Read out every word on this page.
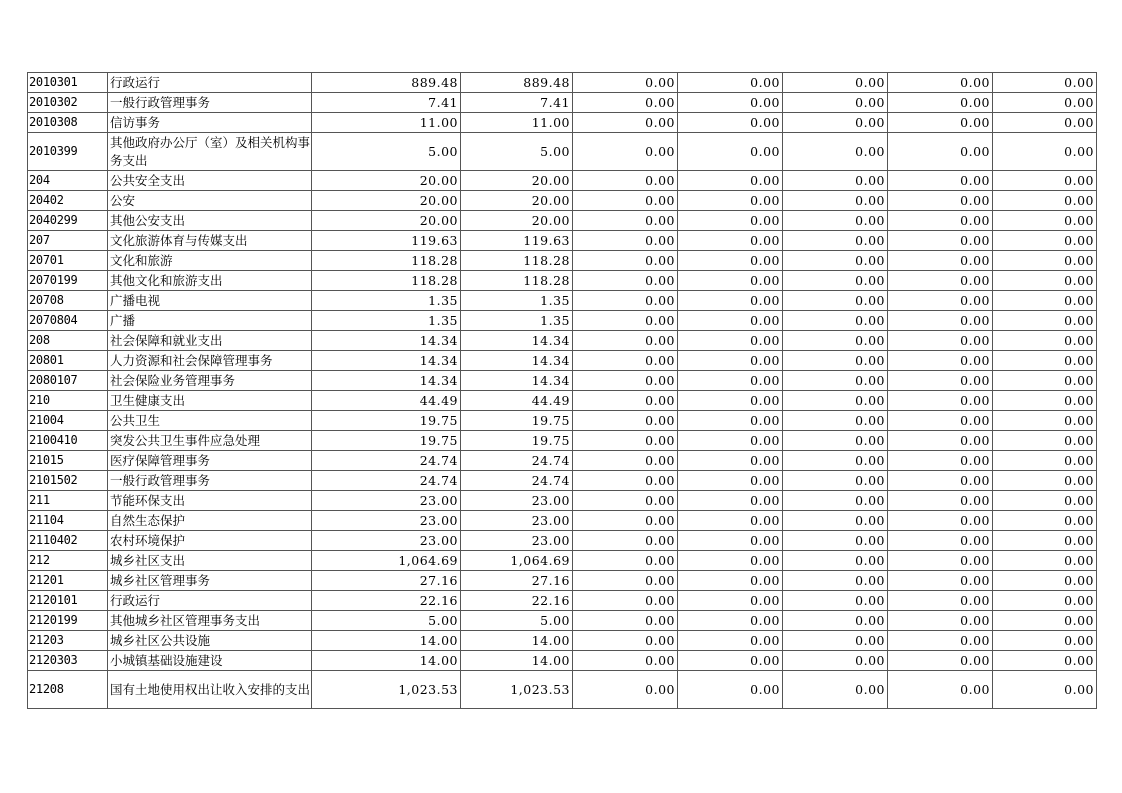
2010301	行政运行	889.48	889.48	0.00	0.00	0.00	0.00	0.00
2010302	一般行政管理事务	7.41	7.41	0.00	0.00	0.00	0.00	0.00
2010308	信访事务	11.00	11.00	0.00	0.00	0.00	0.00	0.00
2010399	其他政府办公厅（室）及相关机构事务支出	5.00	5.00	0.00	0.00	0.00	0.00	0.00
204	公共安全支出	20.00	20.00	0.00	0.00	0.00	0.00	0.00
20402	公安	20.00	20.00	0.00	0.00	0.00	0.00	0.00
2040299	其他公安支出	20.00	20.00	0.00	0.00	0.00	0.00	0.00
207	文化旅游体育与传媒支出	119.63	119.63	0.00	0.00	0.00	0.00	0.00
20701	文化和旅游	118.28	118.28	0.00	0.00	0.00	0.00	0.00
2070199	其他文化和旅游支出	118.28	118.28	0.00	0.00	0.00	0.00	0.00
20708	广播电视	1.35	1.35	0.00	0.00	0.00	0.00	0.00
2070804	广播	1.35	1.35	0.00	0.00	0.00	0.00	0.00
208	社会保障和就业支出	14.34	14.34	0.00	0.00	0.00	0.00	0.00
20801	人力资源和社会保障管理事务	14.34	14.34	0.00	0.00	0.00	0.00	0.00
2080107	社会保险业务管理事务	14.34	14.34	0.00	0.00	0.00	0.00	0.00
210	卫生健康支出	44.49	44.49	0.00	0.00	0.00	0.00	0.00
21004	公共卫生	19.75	19.75	0.00	0.00	0.00	0.00	0.00
2100410	突发公共卫生事件应急处理	19.75	19.75	0.00	0.00	0.00	0.00	0.00
21015	医疗保障管理事务	24.74	24.74	0.00	0.00	0.00	0.00	0.00
2101502	一般行政管理事务	24.74	24.74	0.00	0.00	0.00	0.00	0.00
211	节能环保支出	23.00	23.00	0.00	0.00	0.00	0.00	0.00
21104	自然生态保护	23.00	23.00	0.00	0.00	0.00	0.00	0.00
2110402	农村环境保护	23.00	23.00	0.00	0.00	0.00	0.00	0.00
212	城乡社区支出	1,064.69	1,064.69	0.00	0.00	0.00	0.00	0.00
21201	城乡社区管理事务	27.16	27.16	0.00	0.00	0.00	0.00	0.00
2120101	行政运行	22.16	22.16	0.00	0.00	0.00	0.00	0.00
2120199	其他城乡社区管理事务支出	5.00	5.00	0.00	0.00	0.00	0.00	0.00
21203	城乡社区公共设施	14.00	14.00	0.00	0.00	0.00	0.00	0.00
2120303	小城镇基础设施建设	14.00	14.00	0.00	0.00	0.00	0.00	0.00
21208	国有土地使用权出让收入安排的支出	1,023.53	1,023.53	0.00	0.00	0.00	0.00	0.00
